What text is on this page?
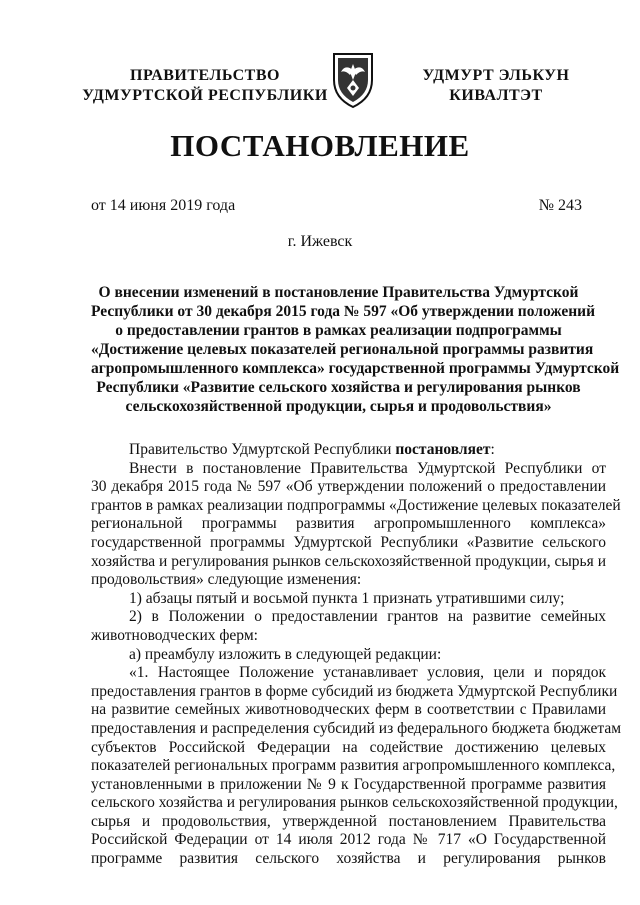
ПРАВИТЕЛЬСТВО
УДМУРТСКОЙ РЕСПУБЛИКИ
УДМУРТ ЭЛЬКУН
КИВАЛТЭТ
ПОСТАНОВЛЕНИЕ
от 14 июня 2019 года	№ 243
г. Ижевск
О внесении изменений в постановление Правительства Удмуртской
Республики от 30 декабря 2015 года № 597 «Об утверждении положений
о предоставлении грантов в рамках реализации подпрограммы
«Достижение целевых показателей региональной программы развития
агропромышленного комплекса» государственной программы Удмуртской
Республики «Развитие сельского хозяйства и регулирования рынков
сельскохозяйственной продукции, сырья и продовольствия»
Правительство Удмуртской Республики постановляет:
Внести в постановление Правительства Удмуртской Республики от
30 декабря 2015 года № 597 «Об утверждении положений о предоставлении
грантов в рамках реализации подпрограммы «Достижение целевых показателей
региональной программы развития агропромышленного комплекса»
государственной программы Удмуртской Республики «Развитие сельского
хозяйства и регулирования рынков сельскохозяйственной продукции, сырья и
продовольствия» следующие изменения:
1) абзацы пятый и восьмой пункта 1 признать утратившими силу;
2) в Положении о предоставлении грантов на развитие семейных
животноводческих ферм:
а) преамбулу изложить в следующей редакции:
«1. Настоящее Положение устанавливает условия, цели и порядок
предоставления грантов в форме субсидий из бюджета Удмуртской Республики
на развитие семейных животноводческих ферм в соответствии с Правилами
предоставления и распределения субсидий из федерального бюджета бюджетам
субъектов Российской Федерации на содействие достижению целевых
показателей региональных программ развития агропромышленного комплекса,
установленными в приложении № 9 к Государственной программе развития
сельского хозяйства и регулирования рынков сельскохозяйственной продукции,
сырья и продовольствия, утвержденной постановлением Правительства
Российской Федерации от 14 июля 2012 года № 717 «О Государственной
программе развития сельского хозяйства и регулирования рынков
